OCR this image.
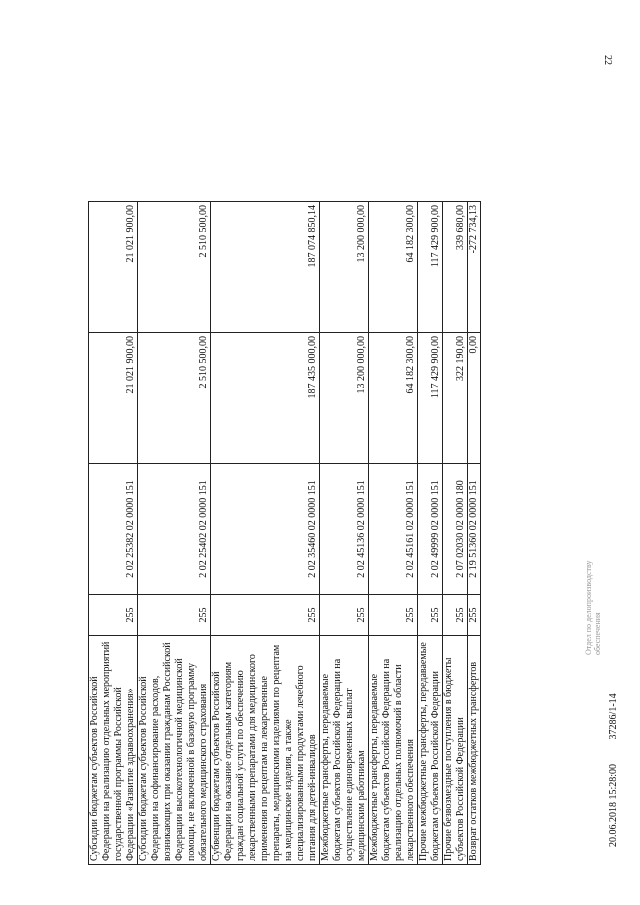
22
Субсидии бюджетам субъектов Российской Федерации на реализацию отдельных мероприятий государственной программы Российской Федерации «Развитие здравоохранения»	255	2 02 25382 02 0000 151	21 021 900,00	21 021 900,00
Субсидии бюджетам субъектов Российской Федерации на софинансирование расходов, возникающих при оказании гражданам Российской Федерации высокотехнологичной медицинской помощи, не включенной в базовую программу обязательного медицинского страхования	255	2 02 25402 02 0000 151	2 510 500,00	2 510 500,00
Субвенции бюджетам субъектов Российской Федерации на оказание отдельным категориям граждан социальной услуги по обеспечению лекарственными препаратами для медицинского применения по рецептам на лекарственные препараты, медицинскими изделиями по рецептам на медицинские изделия, а также специализированными продуктами лечебного питания для детей-инвалидов	255	2 02 35460 02 0000 151	187 435 000,00	187 074 850,14
Межбюджетные трансферты, передаваемые бюджетам субъектов Российской Федерации на осуществление единовременных выплат медицинским работникам	255	2 02 45136 02 0000 151	13 200 000,00	13 200 000,00
Межбюджетные трансферты, передаваемые бюджетам субъектов Российской Федерации на реализацию отдельных полномочий в области лекарственного обеспечения	255	2 02 45161 02 0000 151	64 182 300,00	64 182 300,00
Прочие межбюджетные трансферты, передаваемые бюджетам субъектов Российской Федерации	255	2 02 49999 02 0000 151	117 429 900,00	117 429 900,00
Прочие безвозмездные поступления в бюджеты субъектов Российской Федерации	255	2 07 02030 02 0000 180	322 190,00	339 680,00
Возврат остатков межбюджетных трансфертов	255	2 19 51360 02 0000 151	0,00	-272 734,13
Отдел по делопроизводству обеспечения
20.06.2018 15:28:00 37286/1-14
